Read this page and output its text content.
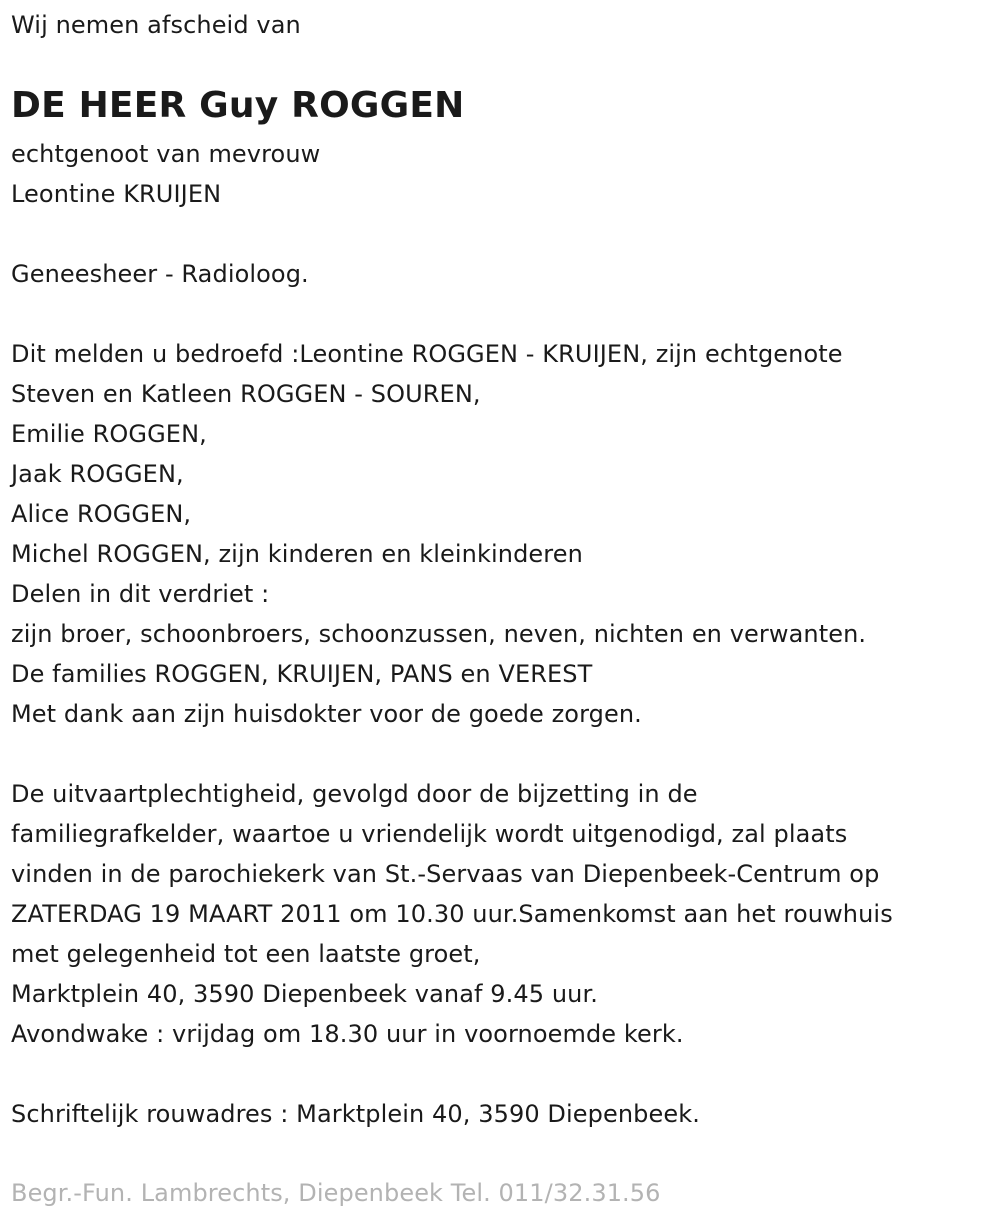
Wij nemen afscheid van
DE HEER Guy ROGGEN
echtgenoot van mevrouw
Leontine KRUIJEN
Geneesheer - Radioloog.
Dit melden u bedroefd :Leontine ROGGEN - KRUIJEN, zijn echtgenote
Steven en Katleen ROGGEN - SOUREN,
Emilie ROGGEN,
Jaak ROGGEN,
Alice ROGGEN,
Michel ROGGEN, zijn kinderen en kleinkinderen
Delen in dit verdriet :
zijn broer, schoonbroers, schoonzussen, neven, nichten en verwanten.
De families ROGGEN, KRUIJEN, PANS en VEREST
Met dank aan zijn huisdokter voor de goede zorgen.
De uitvaartplechtigheid, gevolgd door de bijzetting in de
familiegrafkelder, waartoe u vriendelijk wordt uitgenodigd, zal plaats
vinden in de parochiekerk van St.-Servaas van Diepenbeek-Centrum op
ZATERDAG 19 MAART 2011 om 10.30 uur.Samenkomst aan het rouwhuis
met gelegenheid tot een laatste groet,
Marktplein 40, 3590 Diepenbeek vanaf 9.45 uur.
Avondwake : vrijdag om 18.30 uur in voornoemde kerk.
Schriftelijk rouwadres : Marktplein 40, 3590 Diepenbeek.
Begr.-Fun. Lambrechts, Diepenbeek Tel. 011/32.31.56
